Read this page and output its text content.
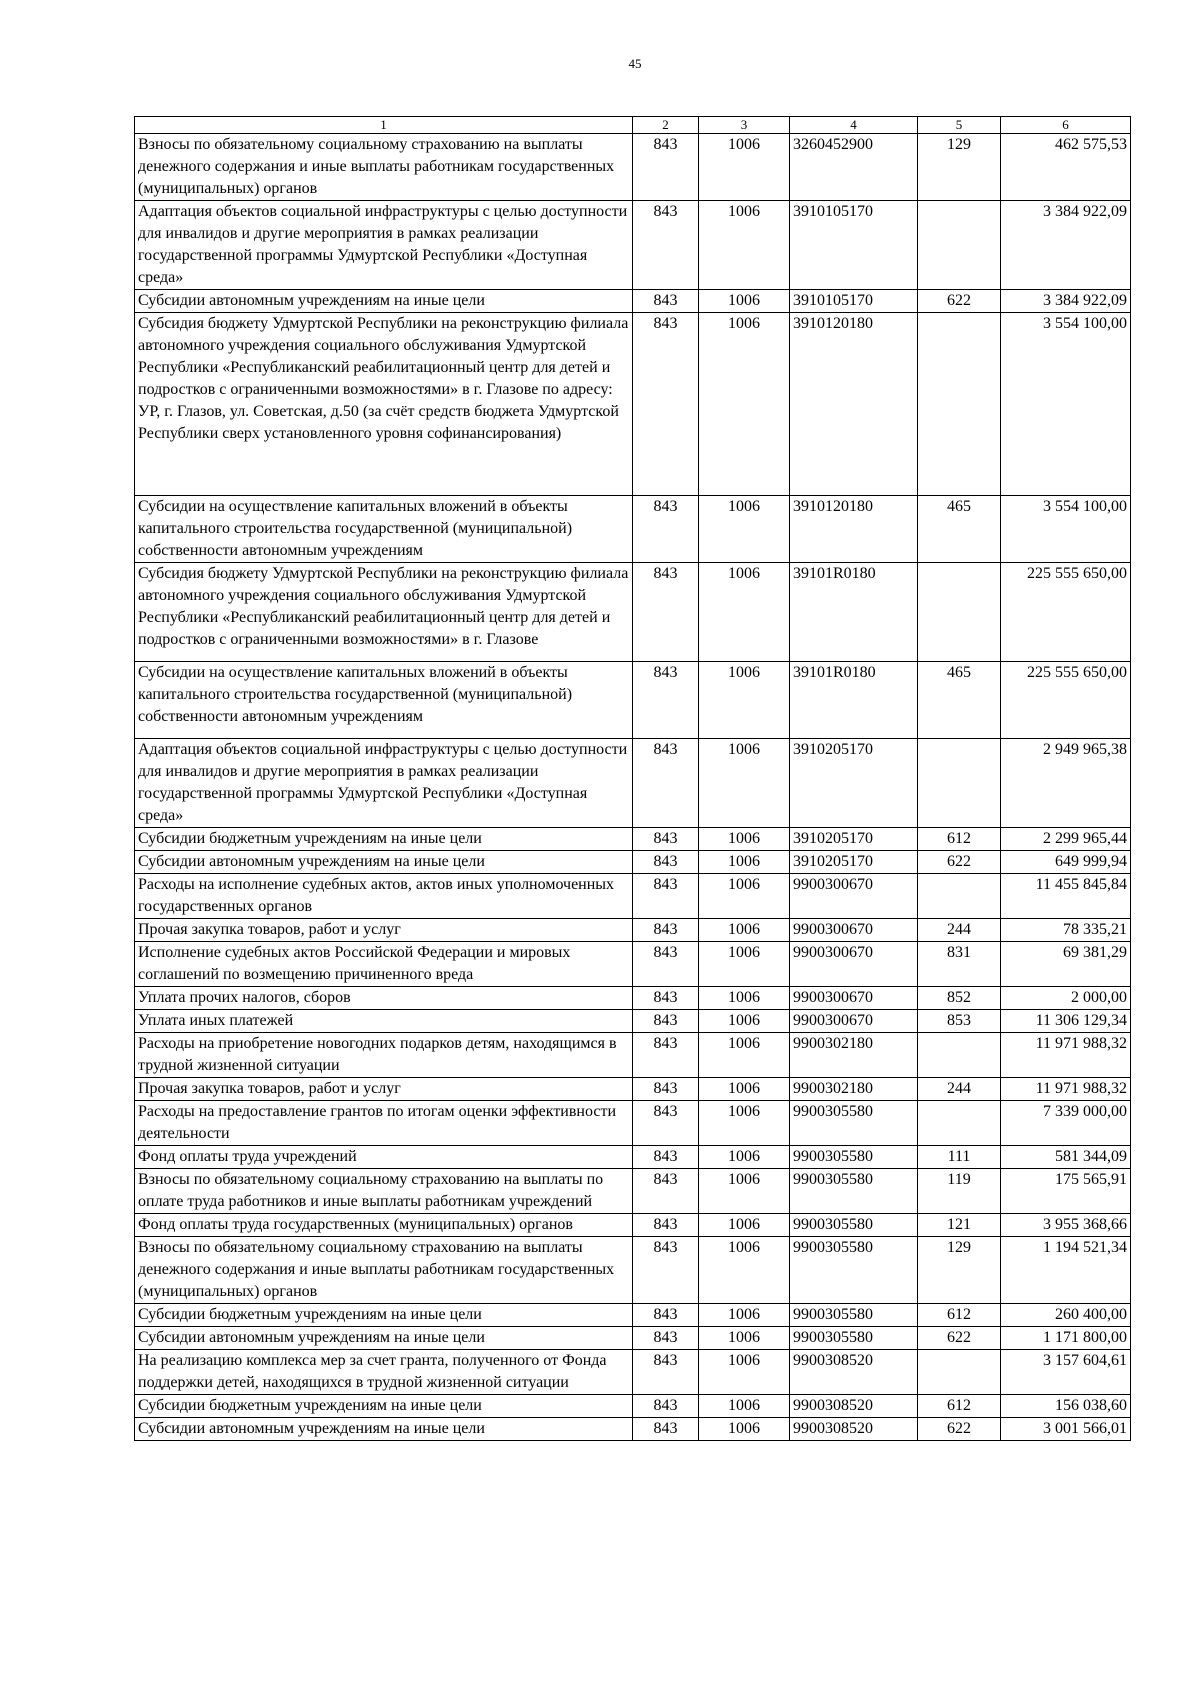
45
1	2	3	4	5	6
Взносы по обязательному социальному страхованию на выплаты денежного содержания и иные выплаты работникам государственных (муниципальных) органов	843	1006	3260452900	129	462 575,53
Адаптация объектов социальной инфраструктуры с целью доступности для инвалидов и другие мероприятия в рамках реализации государственной программы Удмуртской Республики «Доступная среда»	843	1006	3910105170		3 384 922,09
Субсидии автономным учреждениям на иные цели	843	1006	3910105170	622	3 384 922,09
Субсидия бюджету Удмуртской Республики на реконструкцию филиала автономного учреждения социального обслуживания Удмуртской Республики «Республиканский реабилитационный центр для детей и подростков с ограниченными возможностями» в г. Глазове по адресу: УР, г. Глазов, ул. Советская, д.50 (за счёт средств бюджета Удмуртской Республики сверх установленного уровня софинансирования)	843	1006	3910120180		3 554 100,00
Субсидии на осуществление капитальных вложений в объекты капитального строительства государственной (муниципальной) собственности автономным учреждениям	843	1006	3910120180	465	3 554 100,00
Субсидия бюджету Удмуртской Республики на реконструкцию филиала автономного учреждения социального обслуживания Удмуртской Республики «Республиканский реабилитационный центр для детей и подростков с ограниченными возможностями» в г. Глазове	843	1006	39101R0180		225 555 650,00
Субсидии на осуществление капитальных вложений в объекты капитального строительства государственной (муниципальной) собственности автономным учреждениям	843	1006	39101R0180	465	225 555 650,00
Адаптация объектов социальной инфраструктуры с целью доступности для инвалидов и другие мероприятия в рамках реализации государственной программы Удмуртской Республики «Доступная среда»	843	1006	3910205170		2 949 965,38
Субсидии бюджетным учреждениям на иные цели	843	1006	3910205170	612	2 299 965,44
Субсидии автономным учреждениям на иные цели	843	1006	3910205170	622	649 999,94
Расходы на исполнение судебных актов, актов иных уполномоченных государственных органов	843	1006	9900300670		11 455 845,84
Прочая закупка товаров, работ и услуг	843	1006	9900300670	244	78 335,21
Исполнение судебных актов Российской Федерации и мировых соглашений по возмещению причиненного вреда	843	1006	9900300670	831	69 381,29
Уплата прочих налогов, сборов	843	1006	9900300670	852	2 000,00
Уплата иных платежей	843	1006	9900300670	853	11 306 129,34
Расходы на приобретение новогодних подарков детям, находящимся в трудной жизненной ситуации	843	1006	9900302180		11 971 988,32
Прочая закупка товаров, работ и услуг	843	1006	9900302180	244	11 971 988,32
Расходы на предоставление грантов по итогам оценки эффективности деятельности	843	1006	9900305580		7 339 000,00
Фонд оплаты труда учреждений	843	1006	9900305580	111	581 344,09
Взносы по обязательному социальному страхованию на выплаты по оплате труда работников и иные выплаты работникам учреждений	843	1006	9900305580	119	175 565,91
Фонд оплаты труда государственных (муниципальных) органов	843	1006	9900305580	121	3 955 368,66
Взносы по обязательному социальному страхованию на выплаты денежного содержания и иные выплаты работникам государственных (муниципальных) органов	843	1006	9900305580	129	1 194 521,34
Субсидии бюджетным учреждениям на иные цели	843	1006	9900305580	612	260 400,00
Субсидии автономным учреждениям на иные цели	843	1006	9900305580	622	1 171 800,00
На реализацию комплекса мер за счет гранта, полученного от Фонда поддержки детей, находящихся в трудной жизненной ситуации	843	1006	9900308520		3 157 604,61
Субсидии бюджетным учреждениям на иные цели	843	1006	9900308520	612	156 038,60
Субсидии автономным учреждениям на иные цели	843	1006	9900308520	622	3 001 566,01
